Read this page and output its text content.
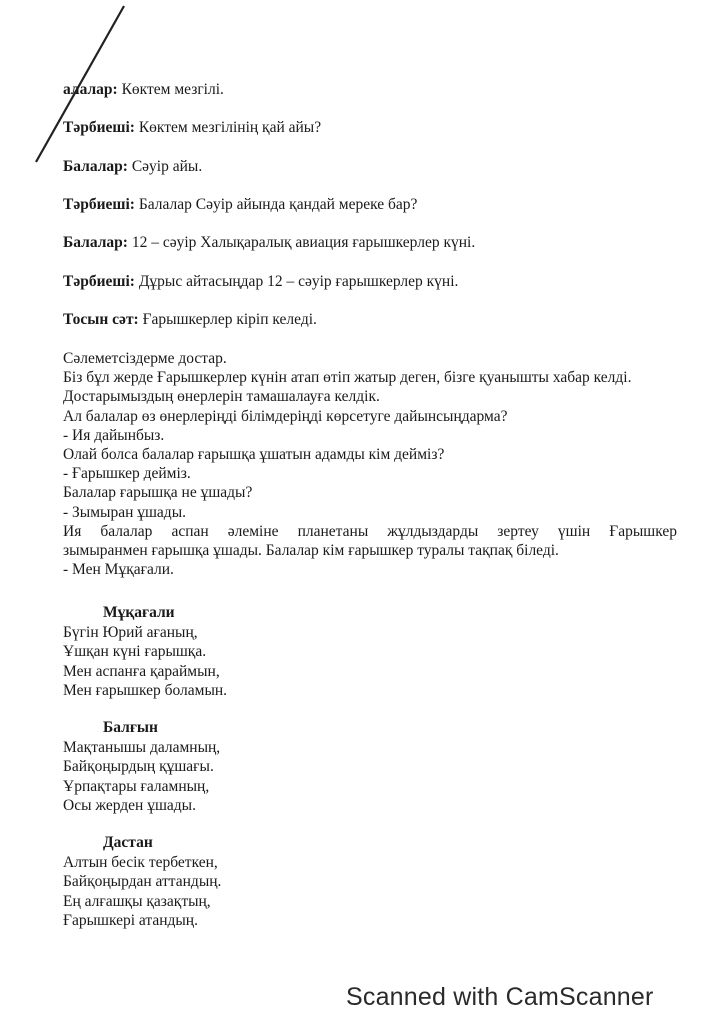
алалар: Көктем мезгілі.
Тәрбиеші: Көктем мезгілінің қай айы?
Балалар: Сәуір айы.
Тәрбиеші: Балалар Сәуір айында қандай мереке бар?
Балалар: 12 – сәуір Халықаралық авиация ғарышкерлер күні.
Тәрбиеші: Дұрыс айтасыңдар 12 – сәуір ғарышкерлер күні.
Тосын сәт: Ғарышкерлер кіріп келеді.
Сәлеметсіздерме достар.
Біз бұл жерде Ғарышкерлер күнін атап өтіп жатыр деген, бізге қуанышты хабар келді.
Достарымыздың өнерлерін тамашалауға келдік.
Ал балалар өз өнерлеріңді білімдеріңді көрсетуге дайынсыңдарма?
- Ия дайынбыз.
Олай болса балалар ғарышқа ұшатын адамды кім дейміз?
- Ғарышкер дейміз.
Балалар ғарышқа не ұшады?
- Зымыран ұшады.
Ия балалар аспан әлеміне планетаны жұлдыздарды зертеу үшін Ғарышкер
зымыранмен ғарышқа ұшады. Балалар кім ғарышкер туралы тақпақ біледі.
- Мен Мұқағали.
Мұқағали
Бүгін Юрий ағаның,
Ұшқан күні ғарышқа.
Мен аспанға қараймын,
Мен ғарышкер боламын.
Балғын
Мақтанышы даламның,
Байқоңырдың құшағы.
Ұрпақтары ғаламның,
Осы жерден ұшады.
Дастан
Алтын бесік тербеткен,
Байқоңырдан аттандың.
Ең алғашқы қазақтың,
Ғарышкері атандың.
Scanned with CamScanner
